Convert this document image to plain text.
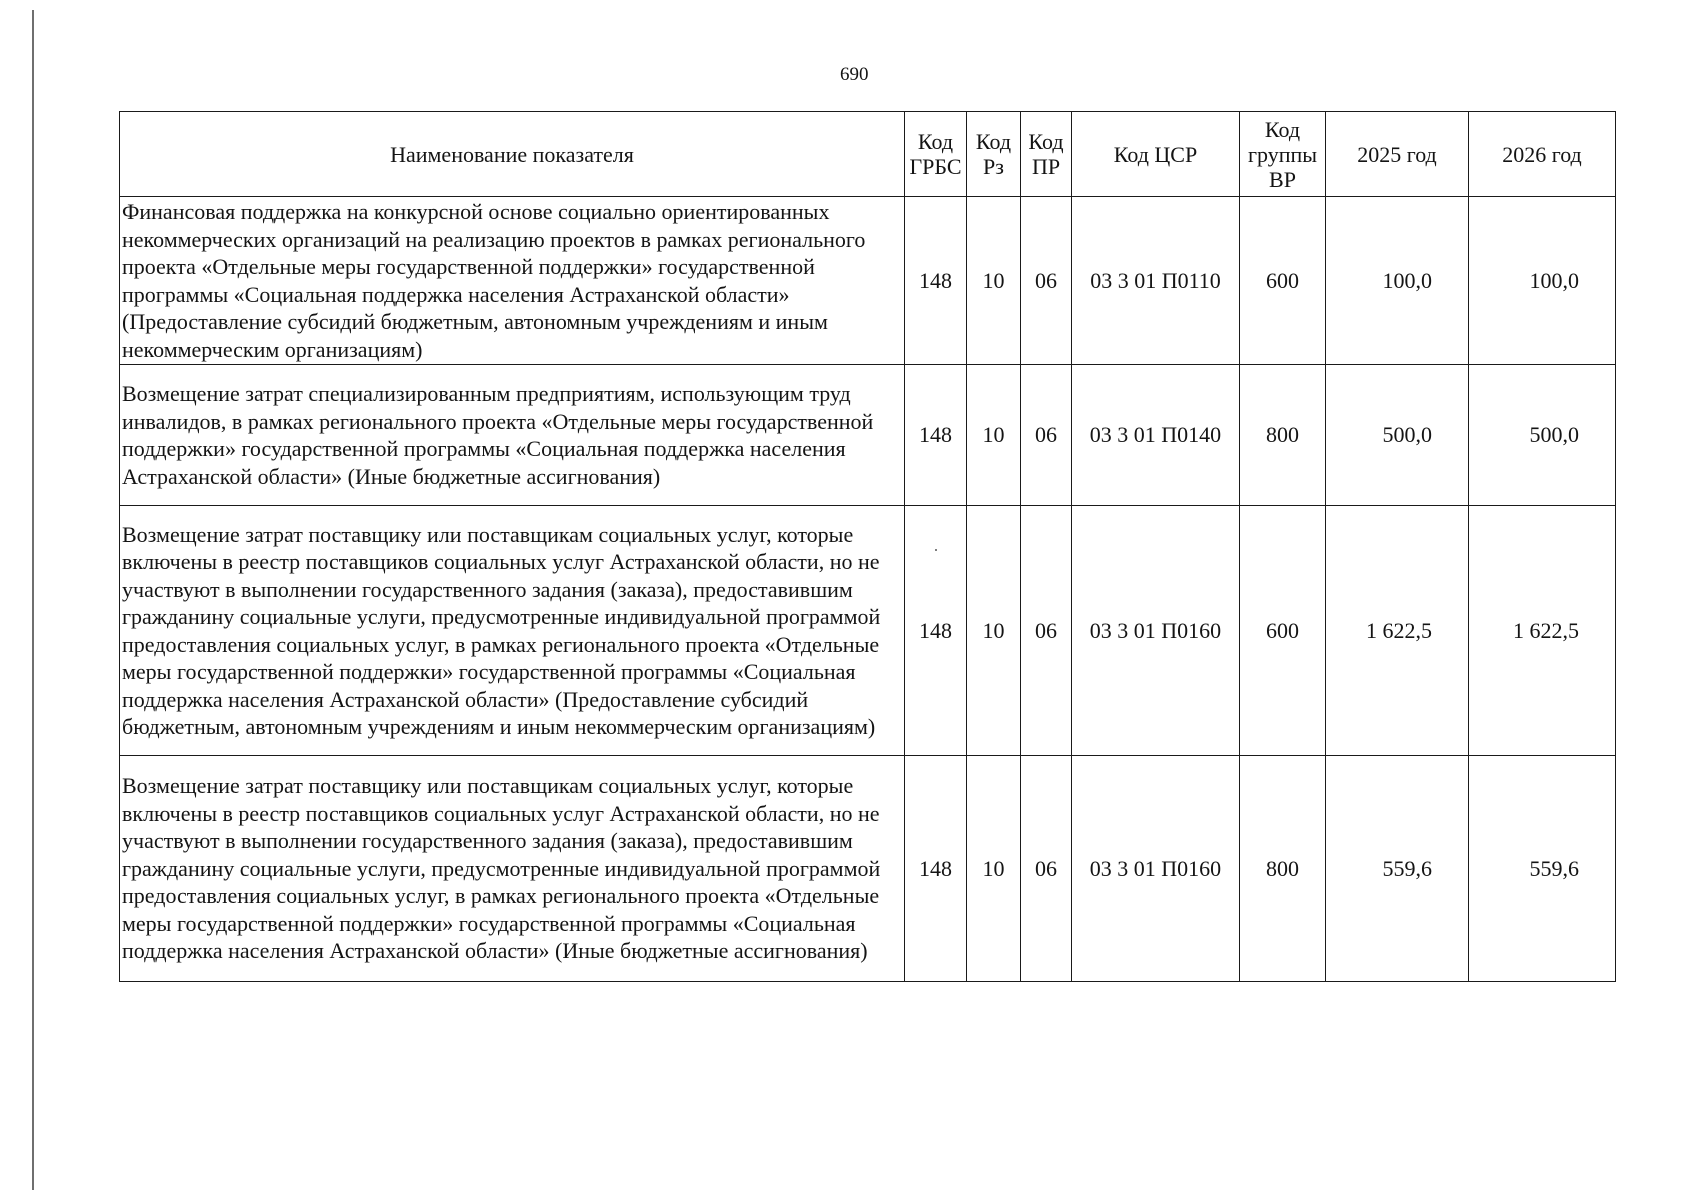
690
Наименование показателя	Код ГРБС	Код Рз	Код ПР	Код ЦСР	Код группы ВР	2025 год	2026 год
Финансовая поддержка на конкурсной основе социально ориентированных некоммерческих организаций на реализацию проектов в рамках регионального проекта «Отдельные меры государственной поддержки» государственной программы «Социальная поддержка населения Астраханской области» (Предоставление субсидий бюджетным, автономным учреждениям и иным некоммерческим организациям)	148	10	06	03 3 01 П0110	600	100,0	100,0
Возмещение затрат специализированным предприятиям, использующим труд инвалидов, в рамках регионального проекта «Отдельные меры государственной поддержки» государственной программы «Социальная поддержка населения Астраханской области» (Иные бюджетные ассигнования)	148	10	06	03 3 01 П0140	800	500,0	500,0
Возмещение затрат поставщику или поставщикам социальных услуг, которые включены в реестр поставщиков социальных услуг Астраханской области, но не участвуют в выполнении государственного задания (заказа), предоставившим гражданину социальные услуги, предусмотренные индивидуальной программой предоставления социальных услуг, в рамках регионального проекта «Отдельные меры государственной поддержки» государственной программы «Социальная поддержка населения Астраханской области» (Предоставление субсидий бюджетным, автономным учреждениям и иным некоммерческим организациям)	148	10	06	03 3 01 П0160	600	1 622,5	1 622,5
Возмещение затрат поставщику или поставщикам социальных услуг, которые включены в реестр поставщиков социальных услуг Астраханской области, но не участвуют в выполнении государственного задания (заказа), предоставившим гражданину социальные услуги, предусмотренные индивидуальной программой предоставления социальных услуг, в рамках регионального проекта «Отдельные меры государственной поддержки» государственной программы «Социальная поддержка населения Астраханской области» (Иные бюджетные ассигнования)	148	10	06	03 3 01 П0160	800	559,6	559,6
